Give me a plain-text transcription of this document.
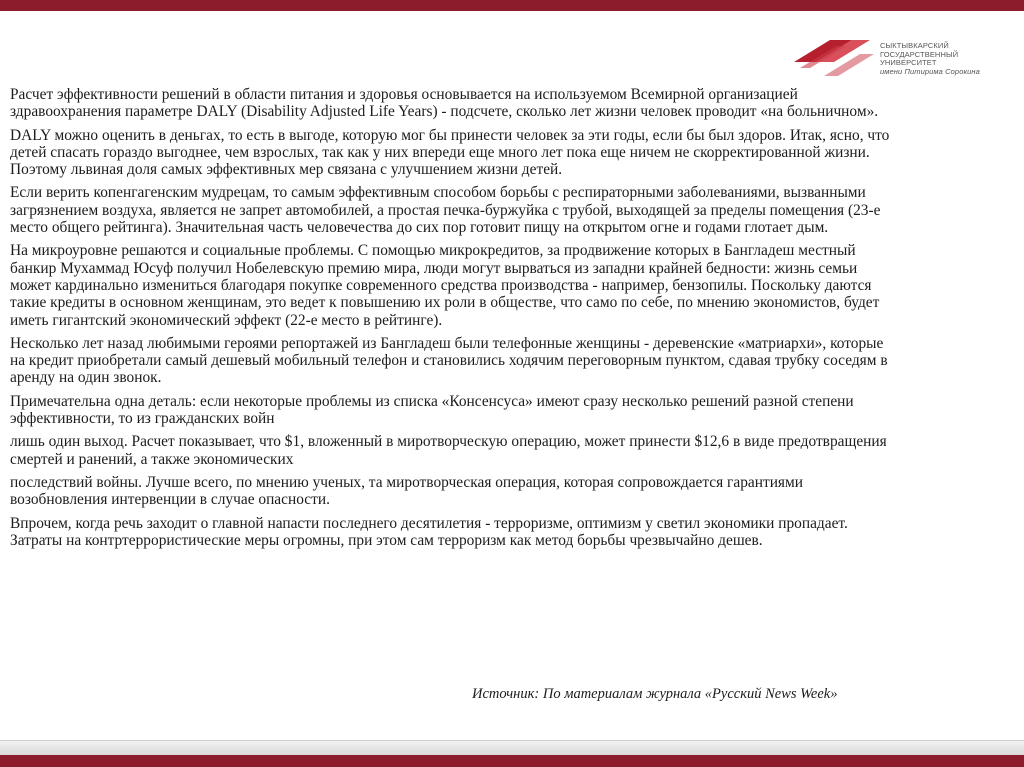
СЫКТЫВКАРСКИЙ
ГОСУДАРСТВЕННЫЙ
УНИВЕРСИТЕТ
имени Питирима Сорокина

Расчет эффективности решений в области питания и здоровья основывается на используемом Всемирной организацией здравоохранения параметре DALY (Disability Adjusted Life Years) - подсчете, сколько лет жизни человек проводит «на больничном».

DALY можно оценить в деньгах, то есть в выгоде, которую мог бы принести человек за эти годы, если бы был здоров. Итак, ясно, что детей спасать гораздо выгоднее, чем взрослых, так как у них впереди еще много лет пока еще ничем не скорректированной жизни. Поэтому львиная доля самых эффективных мер связана с улучшением жизни детей.

Если верить копенгагенским мудрецам, то самым эффективным способом борьбы с респираторными заболеваниями, вызванными загрязнением воздуха, является не запрет автомобилей, а простая печка-буржуйка с трубой, выходящей за пределы помещения (23-е место общего рейтинга). Значительная часть человечества до сих пор готовит пищу на открытом огне и годами глотает дым.

На микроуровне решаются и социальные проблемы. С помощью микрокредитов, за продвижение которых в Бангладеш местный банкир Мухаммад Юсуф получил Нобелевскую премию мира, люди могут вырваться из западни крайней бедности: жизнь семьи может кардинально измениться благодаря покупке современного средства производства - например, бензопилы. Поскольку даются такие кредиты в основном женщинам, это ведет к повышению их роли в обществе, что само по себе, по мнению экономистов, будет иметь гигантский экономический эффект (22-е место в рейтинге).

Несколько лет назад любимыми героями репортажей из Бангладеш были телефонные женщины - деревенские «матриархи», которые на кредит приобретали самый дешевый мобильный телефон и становились ходячим переговорным пунктом, сдавая трубку соседям в аренду на один звонок.

Примечательна одна деталь: если некоторые проблемы из списка «Консенсуса» имеют сразу несколько решений разной степени эффективности, то из гражданских войн

лишь один выход. Расчет показывает, что $1, вложенный в миротворческую операцию, может принести $12,6 в виде предотвращения смертей и ранений, а также экономических

последствий войны. Лучше всего, по мнению ученых, та миротворческая операция, которая сопровождается гарантиями возобновления интервенции в случае опасности.

Впрочем, когда речь заходит о главной напасти последнего десятилетия - терроризме, оптимизм у светил экономики пропадает. Затраты на контртеррористические меры огромны, при этом сам терроризм как метод борьбы чрезвычайно дешев.

Источник: По материалам журнала «Русский News Week»
